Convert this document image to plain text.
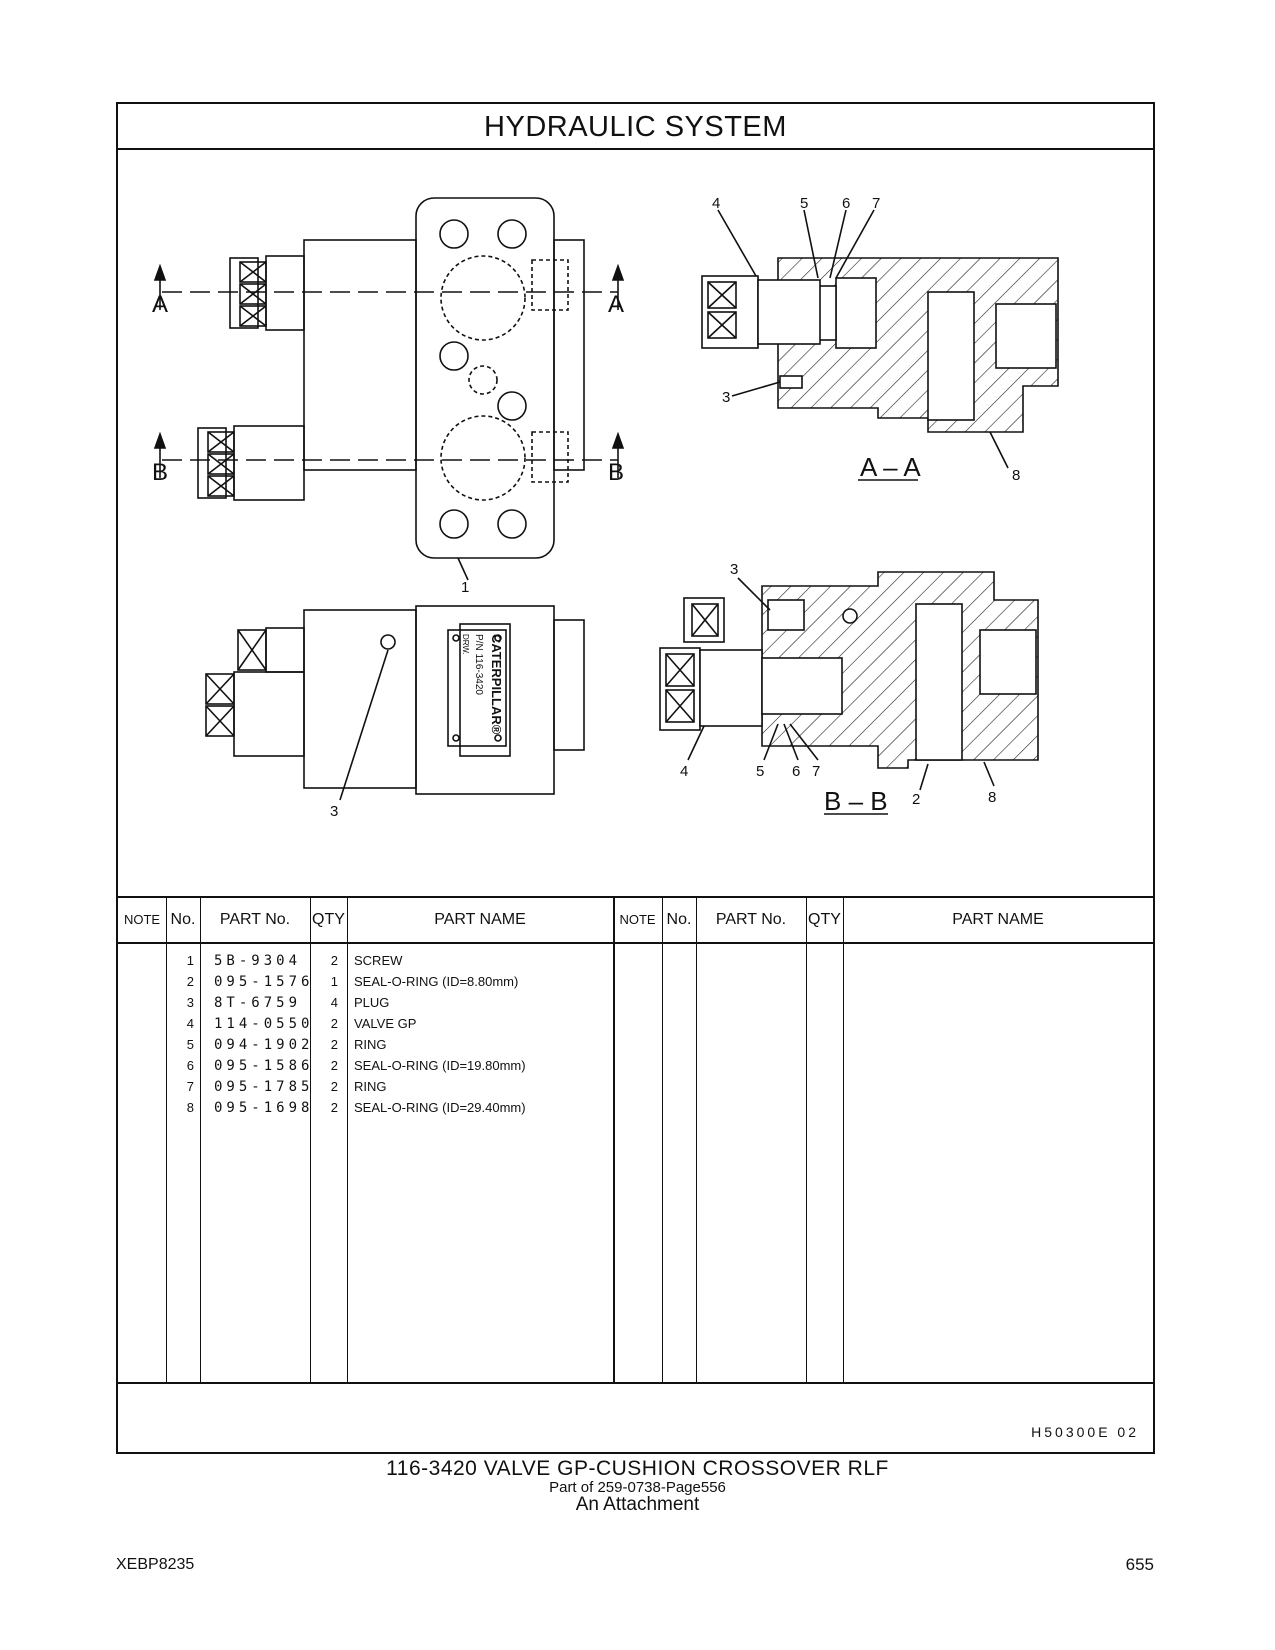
HYDRAULIC SYSTEM
CATERPILLAR®
P/N 116-3420
DRW.
1
3
A	A
B	B	A – A
4	5 6 7
3
8
B – B
3
4	5 6 7
2	8
NOTE No.	PART No.	QTY	PART NAME	NOTE No.	PART No.	QTY	PART NAME
1 5B-9304	2 SCREW
2 095-1576	1 SEAL-O-RING (ID=8.80mm)
3 8T-6759	4 PLUG
4 114-0550	2 VALVE GP
5 094-1902	2 RING
6 095-1586	2 SEAL-O-RING (ID=19.80mm)
7 095-1785	2 RING
8 095-1698	2 SEAL-O-RING (ID=29.40mm)
H50300E 02
116-3420 VALVE GP-CUSHION CROSSOVER RLF
Part of 259-0738-Page556
An Attachment
XEBP8235	655
